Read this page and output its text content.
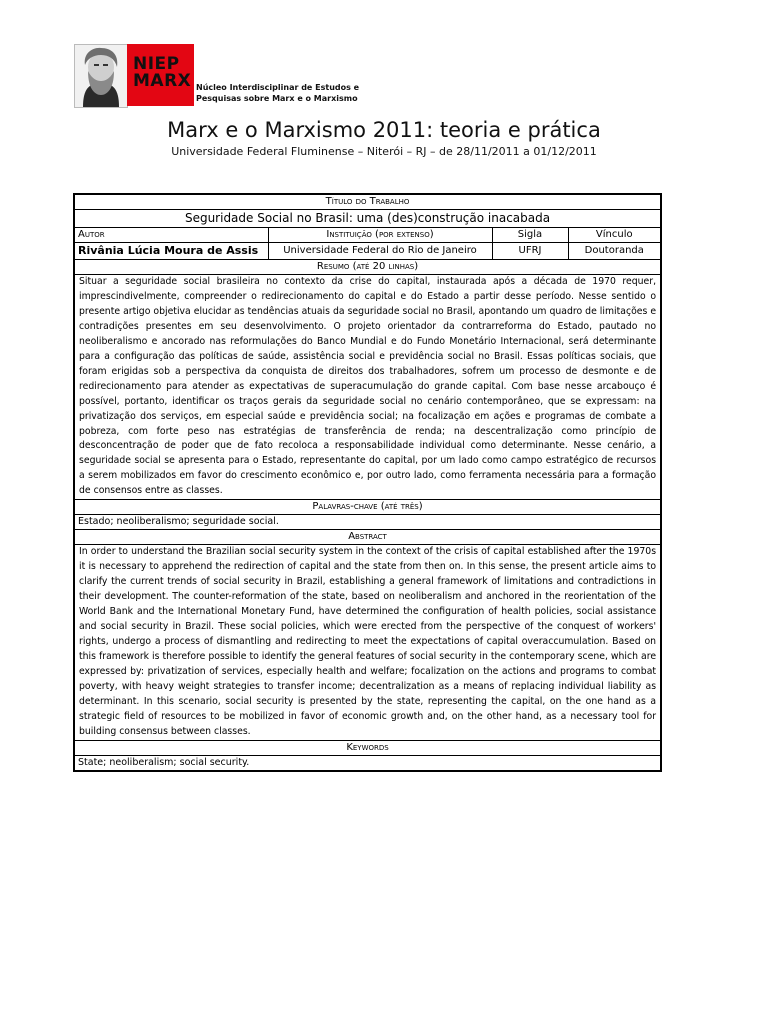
NIEP
MARX Núcleo Interdisciplinar de Estudos e
Pesquisas sobre Marx e o Marxismo
Marx e o Marxismo 2011: teoria e prática
Universidade Federal Fluminense – Niterói – RJ – de 28/11/2011 a 01/12/2011
Título do Trabalho			
Seguridade Social no Brasil: uma (des)construção inacabada			
Autor	Instituição (por extenso)	Sigla	Vínculo
Rivânia Lúcia Moura de Assis	Universidade Federal do Rio de Janeiro	UFRJ	Doutoranda
Resumo (até 20 linhas)			
Situar a seguridade social brasileira no contexto da crise do capital, instaurada após a década de 1970 requer, imprescindivelmente, compreender o redirecionamento do capital e do Estado a partir desse período. Nesse sentido o presente artigo objetiva elucidar as tendências atuais da seguridade social no Brasil, apontando um quadro de limitações e contradições presentes em seu desenvolvimento. O projeto orientador da contrarreforma do Estado, pautado no neoliberalismo e ancorado nas reformulações do Banco Mundial e do Fundo Monetário Internacional, será determinante para a configuração das políticas de saúde, assistência social e previdência social no Brasil. Essas políticas sociais, que foram erigidas sob a perspectiva da conquista de direitos dos trabalhadores, sofrem um processo de desmonte e de redirecionamento para atender as expectativas de superacumulação do grande capital. Com base nesse arcabouço é possível, portanto, identificar os traços gerais da seguridade social no cenário contemporâneo, que se expressam: na privatização dos serviços, em especial saúde e previdência social; na focalização em ações e programas de combate a pobreza, com forte peso nas estratégias de transferência de renda; na descentralização como princípio de desconcentração de poder que de fato recoloca a responsabilidade individual como determinante. Nesse cenário, a seguridade social se apresenta para o Estado, representante do capital, por um lado como campo estratégico de recursos a serem mobilizados em favor do crescimento econômico e, por outro lado, como ferramenta necessária para a formação de consensos entre as classes.			
Palavras-chave (até três)			
Estado; neoliberalismo; seguridade social.			
Abstract			
In order to understand the Brazilian social security system in the context of the crisis of capital established after the 1970s it is necessary to apprehend the redirection of capital and the state from then on. In this sense, the present article aims to clarify the current trends of social security in Brazil, establishing a general framework of limitations and contradictions in their development. The counter-reformation of the state, based on neoliberalism and anchored in the reorientation of the World Bank and the International Monetary Fund, have determined the configuration of health policies, social assistance and social security in Brazil. These social policies, which were erected from the perspective of the conquest of workers' rights, undergo a process of dismantling and redirecting to meet the expectations of capital overaccumulation. Based on this framework is therefore possible to identify the general features of social security in the contemporary scene, which are expressed by: privatization of services, especially health and welfare; focalization on the actions and programs to combat poverty, with heavy weight strategies to transfer income; decentralization as a means of replacing individual liability as determinant. In this scenario, social security is presented by the state, representing the capital, on the one hand as a strategic field of resources to be mobilized in favor of economic growth and, on the other hand, as a necessary tool for building consensus between classes.			
Keywords			
State; neoliberalism; social security.			
